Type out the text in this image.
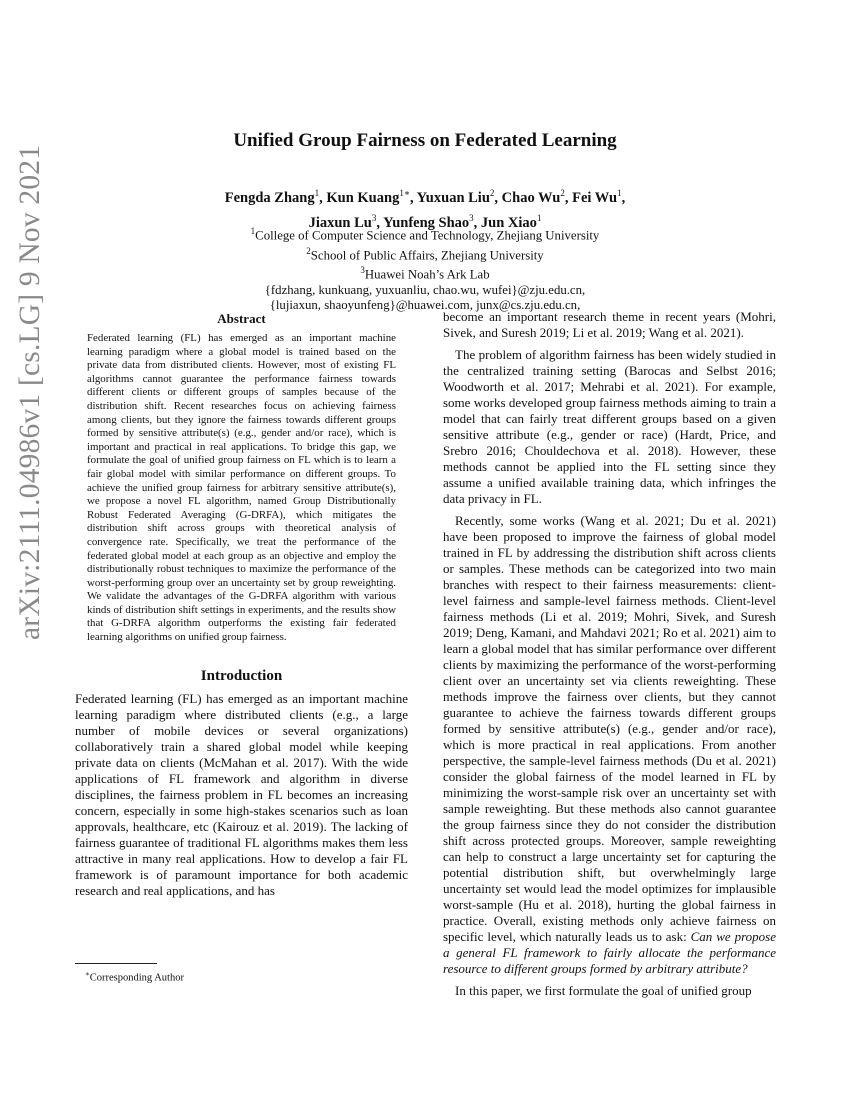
arXiv:2111.04986v1 [cs.LG] 9 Nov 2021
Unified Group Fairness on Federated Learning
Fengda Zhang$^1$, Kun Kuang$^{1∗}$, Yuxuan Liu$^2$, Chao Wu$^2$, Fei Wu$^1$,
Jiaxun Lu$^3$, Yunfeng Shao$^3$, Jun Xiao$^1$
$^1$College of Computer Science and Technology, Zhejiang University
$^2$School of Public Affairs, Zhejiang University
$^3$Huawei Noah’s Ark Lab
{fdzhang, kunkuang, yuxuanliu, chao.wu, wufei}@zju.edu.cn,
{lujiaxun, shaoyunfeng}@huawei.com, junx@cs.zju.edu.cn,
Abstract

Federated learning (FL) has emerged as an important machine learning paradigm where a global model is trained based on the private data from distributed clients. However, most of existing FL algorithms cannot guarantee the performance fairness towards different clients or different groups of samples because of the distribution shift. Recent researches focus on achieving fairness among clients, but they ignore the fairness towards different groups formed by sensitive attribute(s) (e.g., gender and/or race), which is important and practical in real applications. To bridge this gap, we formulate the goal of unified group fairness on FL which is to learn a fair global model with similar performance on different groups. To achieve the unified group fairness for arbitrary sensitive attribute(s), we propose a novel FL algorithm, named Group Distributionally Robust Federated Averaging (G-DRFA), which mitigates the distribution shift across groups with theoretical analysis of convergence rate. Specifically, we treat the performance of the federated global model at each group as an objective and employ the distributionally robust techniques to maximize the performance of the worst-performing group over an uncertainty set by group reweighting. We validate the advantages of the G-DRFA algorithm with various kinds of distribution shift settings in experiments, and the results show that G-DRFA algorithm outperforms the existing fair federated learning algorithms on unified group fairness.

Introduction

Federated learning (FL) has emerged as an important machine learning paradigm where distributed clients (e.g., a large number of mobile devices or several organizations) collaboratively train a shared global model while keeping private data on clients (McMahan et al. 2017). With the wide applications of FL framework and algorithm in diverse disciplines, the fairness problem in FL becomes an increasing concern, especially in some high-stakes scenarios such as loan approvals, healthcare, etc (Kairouz et al. 2019). The lacking of fairness guarantee of traditional FL algorithms makes them less attractive in many real applications. How to develop a fair FL framework is of paramount importance for both academic research and real applications, and has

become an important research theme in recent years (Mohri, Sivek, and Suresh 2019; Li et al. 2019; Wang et al. 2021).

The problem of algorithm fairness has been widely studied in the centralized training setting (Barocas and Selbst 2016; Woodworth et al. 2017; Mehrabi et al. 2021). For example, some works developed group fairness methods aiming to train a model that can fairly treat different groups based on a given sensitive attribute (e.g., gender or race) (Hardt, Price, and Srebro 2016; Chouldechova et al. 2018). However, these methods cannot be applied into the FL setting since they assume a unified available training data, which infringes the data privacy in FL.

Recently, some works (Wang et al. 2021; Du et al. 2021) have been proposed to improve the fairness of global model trained in FL by addressing the distribution shift across clients or samples. These methods can be categorized into two main branches with respect to their fairness measurements: client-level fairness and sample-level fairness methods. Client-level fairness methods (Li et al. 2019; Mohri, Sivek, and Suresh 2019; Deng, Kamani, and Mahdavi 2021; Ro et al. 2021) aim to learn a global model that has similar performance over different clients by maximizing the performance of the worst-performing client over an uncertainty set via clients reweighting. These methods improve the fairness over clients, but they cannot guarantee to achieve the fairness towards different groups formed by sensitive attribute(s) (e.g., gender and/or race), which is more practical in real applications. From another perspective, the sample-level fairness methods (Du et al. 2021) consider the global fairness of the model learned in FL by minimizing the worst-sample risk over an uncertainty set with sample reweighting. But these methods also cannot guarantee the group fairness since they do not consider the distribution shift across protected groups. Moreover, sample reweighting can help to construct a large uncertainty set for capturing the potential distribution shift, but overwhelmingly large uncertainty set would lead the model optimizes for implausible worst-sample (Hu et al. 2018), hurting the global fairness in practice. Overall, existing methods only achieve fairness on specific level, which naturally leads us to ask: Can we propose a general FL framework to fairly allocate the performance resource to different groups formed by arbitrary attribute?

In this paper, we first formulate the goal of unified group

∗Corresponding Author
